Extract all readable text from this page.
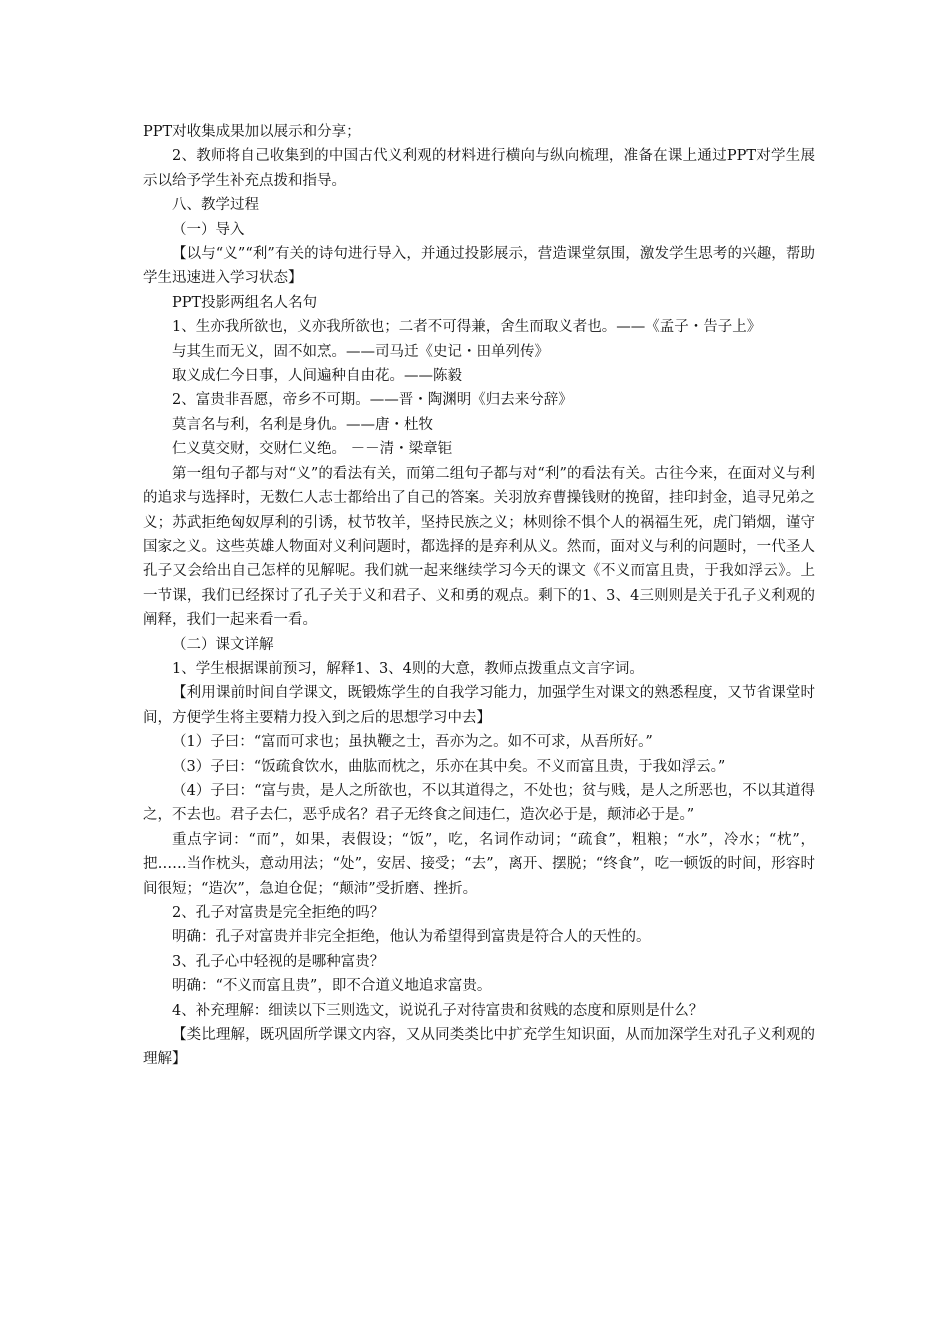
PPT对收集成果加以展示和分享；

2、教师将自己收集到的中国古代义利观的材料进行横向与纵向梳理，准备在课上通过PPT对学生展示以给予学生补充点拨和指导。

八、教学过程

（一）导入

【以与“义”“利”有关的诗句进行导入，并通过投影展示，营造课堂氛围，激发学生思考的兴趣，帮助学生迅速进入学习状态】

PPT投影两组名人名句

1、生亦我所欲也，义亦我所欲也；二者不可得兼，舍生而取义者也。——《孟子・告子上》

与其生而无义，固不如烹。——司马迁《史记・田单列传》

取义成仁今日事，人间遍种自由花。——陈毅

2、富贵非吾愿，帝乡不可期。——晋・陶渊明《归去来兮辞》

莫言名与利，名利是身仇。——唐・杜牧

仁义莫交财，交财仁义绝。 －－清・梁章钜

第一组句子都与对“义”的看法有关，而第二组句子都与对“利”的看法有关。古往今来，在面对义与利的追求与选择时，无数仁人志士都给出了自己的答案。关羽放弃曹操钱财的挽留，挂印封金，追寻兄弟之义；苏武拒绝匈奴厚利的引诱，杖节牧羊，坚持民族之义；林则徐不惧个人的祸福生死，虎门销烟，谨守国家之义。这些英雄人物面对义利问题时，都选择的是弃利从义。然而，面对义与利的问题时，一代圣人孔子又会给出自己怎样的见解呢。我们就一起来继续学习今天的课文《不义而富且贵，于我如浮云》。上一节课，我们已经探讨了孔子关于义和君子、义和勇的观点。剩下的1、3、4三则则是关于孔子义利观的阐释，我们一起来看一看。

（二）课文详解

1、学生根据课前预习，解释1、3、4则的大意，教师点拨重点文言字词。

【利用课前时间自学课文，既锻炼学生的自我学习能力，加强学生对课文的熟悉程度，又节省课堂时间，方便学生将主要精力投入到之后的思想学习中去】

（1）子曰：“富而可求也；虽执鞭之士，吾亦为之。如不可求，从吾所好。”

（3）子曰：“饭疏食饮水，曲肱而枕之，乐亦在其中矣。不义而富且贵，于我如浮云。”

（4）子曰：“富与贵，是人之所欲也，不以其道得之，不处也；贫与贱，是人之所恶也，不以其道得之，不去也。君子去仁，恶乎成名？君子无终食之间违仁，造次必于是，颠沛必于是。”

重点字词：“而”，如果，表假设；“饭”，吃，名词作动词；“疏食”，粗粮；“水”，冷水；“枕”，把……当作枕头，意动用法；“处”，安居、接受；“去”，离开、摆脱；“终食”，吃一顿饭的时间，形容时间很短；“造次”，急迫仓促；“颠沛”受折磨、挫折。

2、孔子对富贵是完全拒绝的吗？

明确：孔子对富贵并非完全拒绝，他认为希望得到富贵是符合人的天性的。

3、孔子心中轻视的是哪种富贵？

明确：“不义而富且贵”，即不合道义地追求富贵。

4、补充理解：细读以下三则选文，说说孔子对待富贵和贫贱的态度和原则是什么？

【类比理解，既巩固所学课文内容，又从同类类比中扩充学生知识面，从而加深学生对孔子义利观的理解】
